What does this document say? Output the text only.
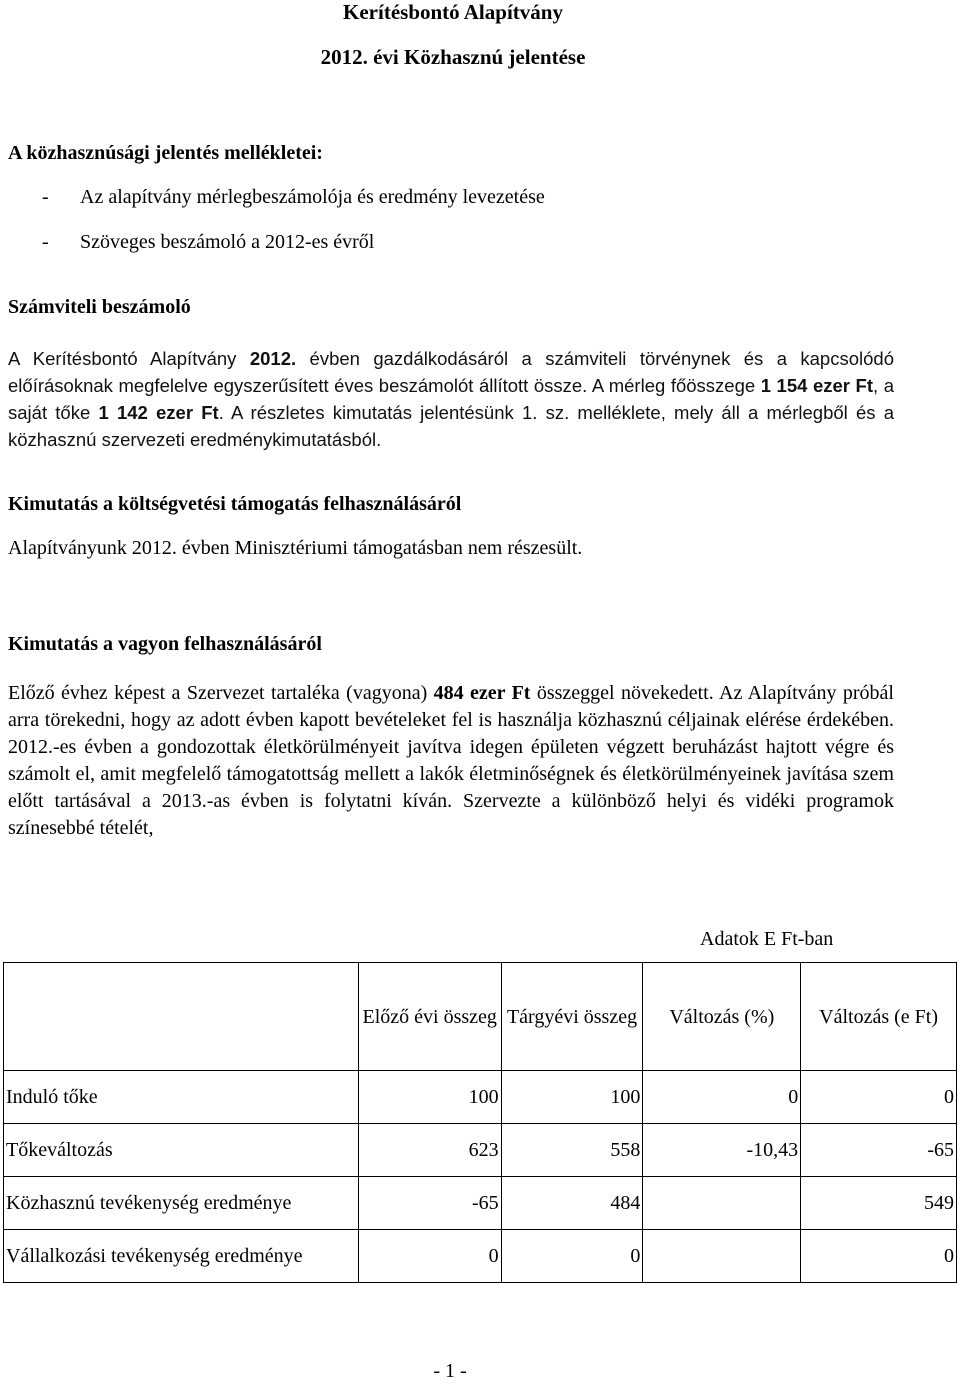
Kerítésbontó Alapítvány
2012. évi Közhasznú jelentése
A közhasznúsági jelentés mellékletei:
- Az alapítvány mérlegbeszámolója és eredmény levezetése
- Szöveges beszámoló a 2012-es évről
Számviteli beszámoló
A Kerítésbontó Alapítvány 2012. évben gazdálkodásáról a számviteli törvénynek és a kapcsolódó előírásoknak megfelelve egyszerűsített éves beszámolót állított össze. A mérleg főösszege 1 154 ezer Ft, a saját tőke 1 142 ezer Ft. A részletes kimutatás jelentésünk 1. sz. melléklete, mely áll a mérlegből és a közhasznú szervezeti eredménykimutatásból.
Kimutatás a költségvetési támogatás felhasználásáról
Alapítványunk 2012. évben Minisztériumi támogatásban nem részesült.
Kimutatás a vagyon felhasználásáról
Előző évhez képest a Szervezet tartaléka (vagyona) 484 ezer Ft összeggel növekedett. Az Alapítvány próbál arra törekedni, hogy az adott évben kapott bevételeket fel is használja közhasznú céljainak elérése érdekében. 2012.-es évben a gondozottak életkörülményeit javítva idegen épületen végzett beruházást hajtott végre és számolt el, amit megfelelő támogatottság mellett a lakók életminőségnek és életkörülményeinek javítása szem előtt tartásával a 2013.-as évben is folytatni kíván. Szervezte a különböző helyi és vidéki programok színesebbé tételét,
Adatok E Ft-ban
	Előző évi összeg	Tárgyévi összeg	Változás (%)	Változás (e Ft)
Induló tőke	100	100	0	0
Tőkeváltozás	623	558	-10,43	-65
Közhasznú tevékenység eredménye	-65	484		549
Vállalkozási tevékenység eredménye	0	0		0
- 1 -
